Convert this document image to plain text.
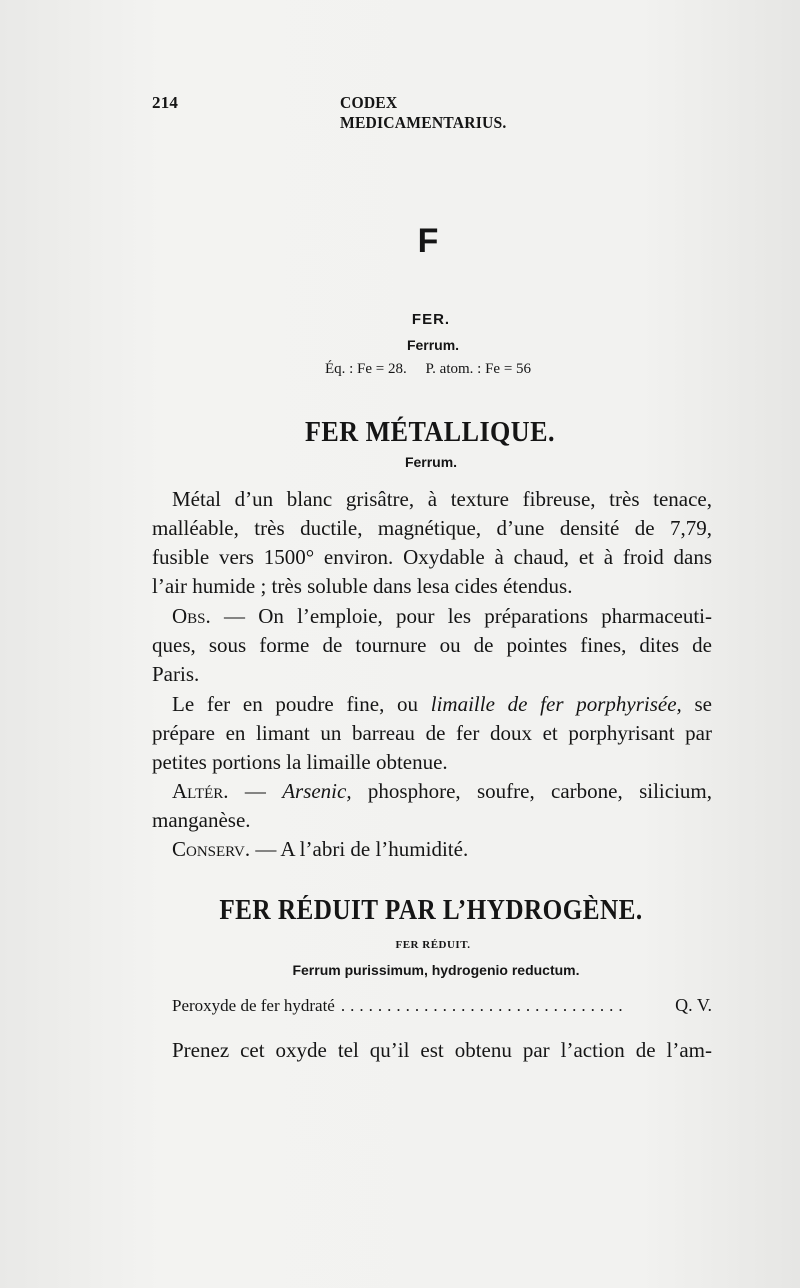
214	CODEX MEDICAMENTARIUS.
F
FER.
Ferrum.
Éq. : Fe = 28.     P. atom. : Fe = 56
FER MÉTALLIQUE.
Ferrum.
Métal d’un blanc grisâtre, à texture fibreuse, très tenace,
malléable, très ductile, magnétique, d’une densité de 7,79,
fusible vers 1500° environ. Oxydable à chaud, et à froid dans
l’air humide ; très soluble dans lesa cides étendus.
Obs. — On l’emploie, pour les préparations pharmaceuti-
ques, sous forme de tournure ou de pointes fines, dites de
Paris.
Le fer en poudre fine, ou limaille de fer porphyrisée, se
prépare en limant un barreau de fer doux et porphyrisant par
petites portions la limaille obtenue.
Altér. — Arsenic, phosphore, soufre, carbone, silicium,
manganèse.
Conserv. — A l’abri de l’humidité.
FER RÉDUIT PAR L’HYDROGÈNE.
FER RÉDUIT.
Ferrum purissimum, hydrogenio reductum.
Peroxyde de fer hydraté ...............................	Q. V.
Prenez cet oxyde tel qu’il est obtenu par l’action de l’am-
